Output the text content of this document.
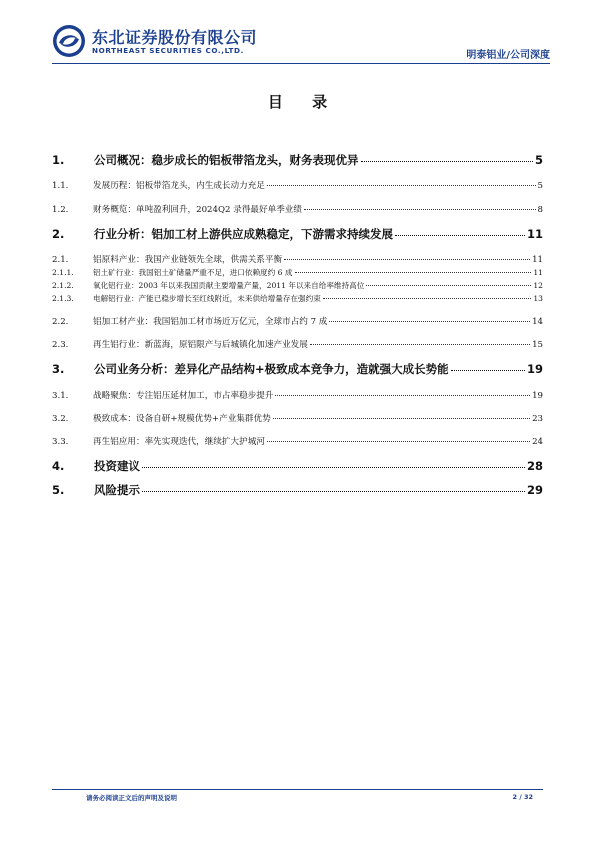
东北证券股份有限公司
NORTHEAST SECURITIES CO.,LTD.	明泰铝业/公司深度
目 录
1.	公司概况：稳步成长的铝板带箔龙头，财务表现优异	5
1.1.	发展历程：铝板带箔龙头，内生成长动力充足	5
1.2.	财务概览：单吨盈利回升，2024Q2 录得最好单季业绩	8
2.	行业分析：铝加工材上游供应成熟稳定，下游需求持续发展	11
2.1.	铝原料产业：我国产业链领先全球，供需关系平衡	11
2.1.1.	铝土矿行业：我国铝土矿储量严重不足，进口依赖度约 6 成	11
2.1.2.	氧化铝行业：2003 年以来我国贡献主要增量产量，2011 年以来自给率维持高位	12
2.1.3.	电解铝行业：产能已稳步增长至红线附近，未来供给增量存在强约束	13
2.2.	铝加工材产业：我国铝加工材市场近万亿元，全球市占约 7 成	14
2.3.	再生铝行业：新蓝海，原铝限产与后城镇化加速产业发展	15
3.	公司业务分析：差异化产品结构+极致成本竞争力，造就强大成长势能	19
3.1.	战略聚焦：专注铝压延材加工，市占率稳步提升	19
3.2.	极致成本：设备自研+规模优势+产业集群优势	23
3.3.	再生铝应用：率先实现迭代，继续扩大护城河	24
4.	投资建议	28
5.	风险提示	29
请务必阅读正文后的声明及说明	2 / 32
